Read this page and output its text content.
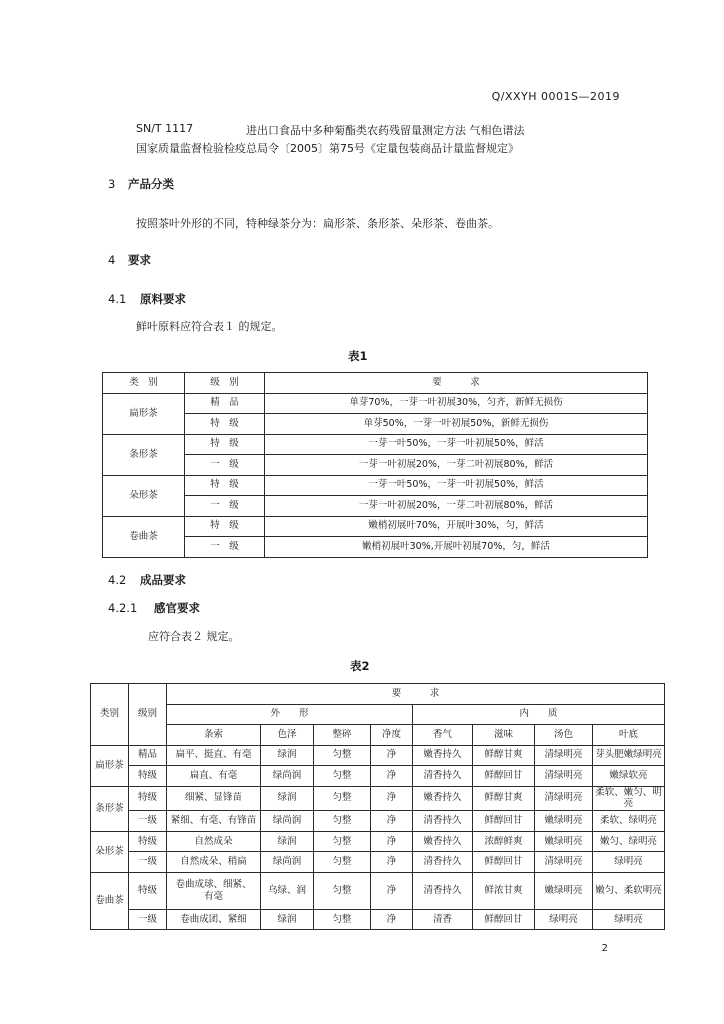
Q/XXYH 0001S—2019
SN/T 1117	进出口食品中多种菊酯类农药残留量测定方法 气相色谱法
国家质量监督检验检疫总局令〔2005〕第75号《定量包装商品计量监督规定》
3 产品分类
按照茶叶外形的不同，特种绿茶分为：扁形茶、条形茶、朵形茶、卷曲茶。
4 要求
4.1 原料要求
鲜叶原料应符合表１ 的规定。
表1
类　别	级　别	要　　　求
扁形茶	精　品	单芽70%，一芽一叶初展30%，匀齐，新鲜无损伤
	特　级	单芽50%，一芽一叶初展50%，新鲜无损伤
条形茶	特　级	一芽一叶50%，一芽一叶初展50%，鲜活
	一　级	一芽一叶初展20%，一芽二叶初展80%，鲜活
朵形茶	特　级	一芽一叶50%，一芽一叶初展50%，鲜活
	一　级	一芽一叶初展20%，一芽二叶初展80%，鲜活
卷曲茶	特　级	嫩梢初展叶70%，开展叶30%，匀，鲜活
	一　级	嫩梢初展叶30%,开展叶初展70%，匀，鲜活
4.2 成品要求
4.2.1 感官要求
应符合表２ 规定。
表2
类别	级别	要　　　求							
		外　　形				内　　质			
		条索	色泽	整碎	净度	香气	滋味	汤色	叶底
扁形茶	精品	扁平、挺直、有毫	绿润	匀整	净	嫩香持久	鲜醇甘爽	清绿明亮	芽头肥嫩绿明亮
	特级	扁直、有毫	绿尚润	匀整	净	清香持久	鲜醇回甘	清绿明亮	嫩绿软亮
条形茶	特级	细紧、显锋苗	绿润	匀整	净	嫩香持久	鲜醇甘爽	清绿明亮	柔软、嫩匀、明亮
	一级	紧细、有毫、有锋苗	绿尚润	匀整	净	清香持久	鲜醇回甘	嫩绿明亮	柔软、绿明亮
朵形茶	特级	自然成朵	绿润	匀整	净	嫩香持久	浓醇鲜爽	嫩绿明亮	嫩匀、绿明亮
	一级	自然成朵、稍扁	绿尚润	匀整	净	清香持久	鲜醇回甘	清绿明亮	绿明亮
卷曲茶	特级	卷曲成球、细紧、有毫	乌绿、润	匀整	净	清香持久	鲜浓甘爽	嫩绿明亮	嫩匀、柔软明亮
	一级	卷曲成团、紧细	绿润	匀整	净	清香	鲜醇回甘	绿明亮	绿明亮
2
